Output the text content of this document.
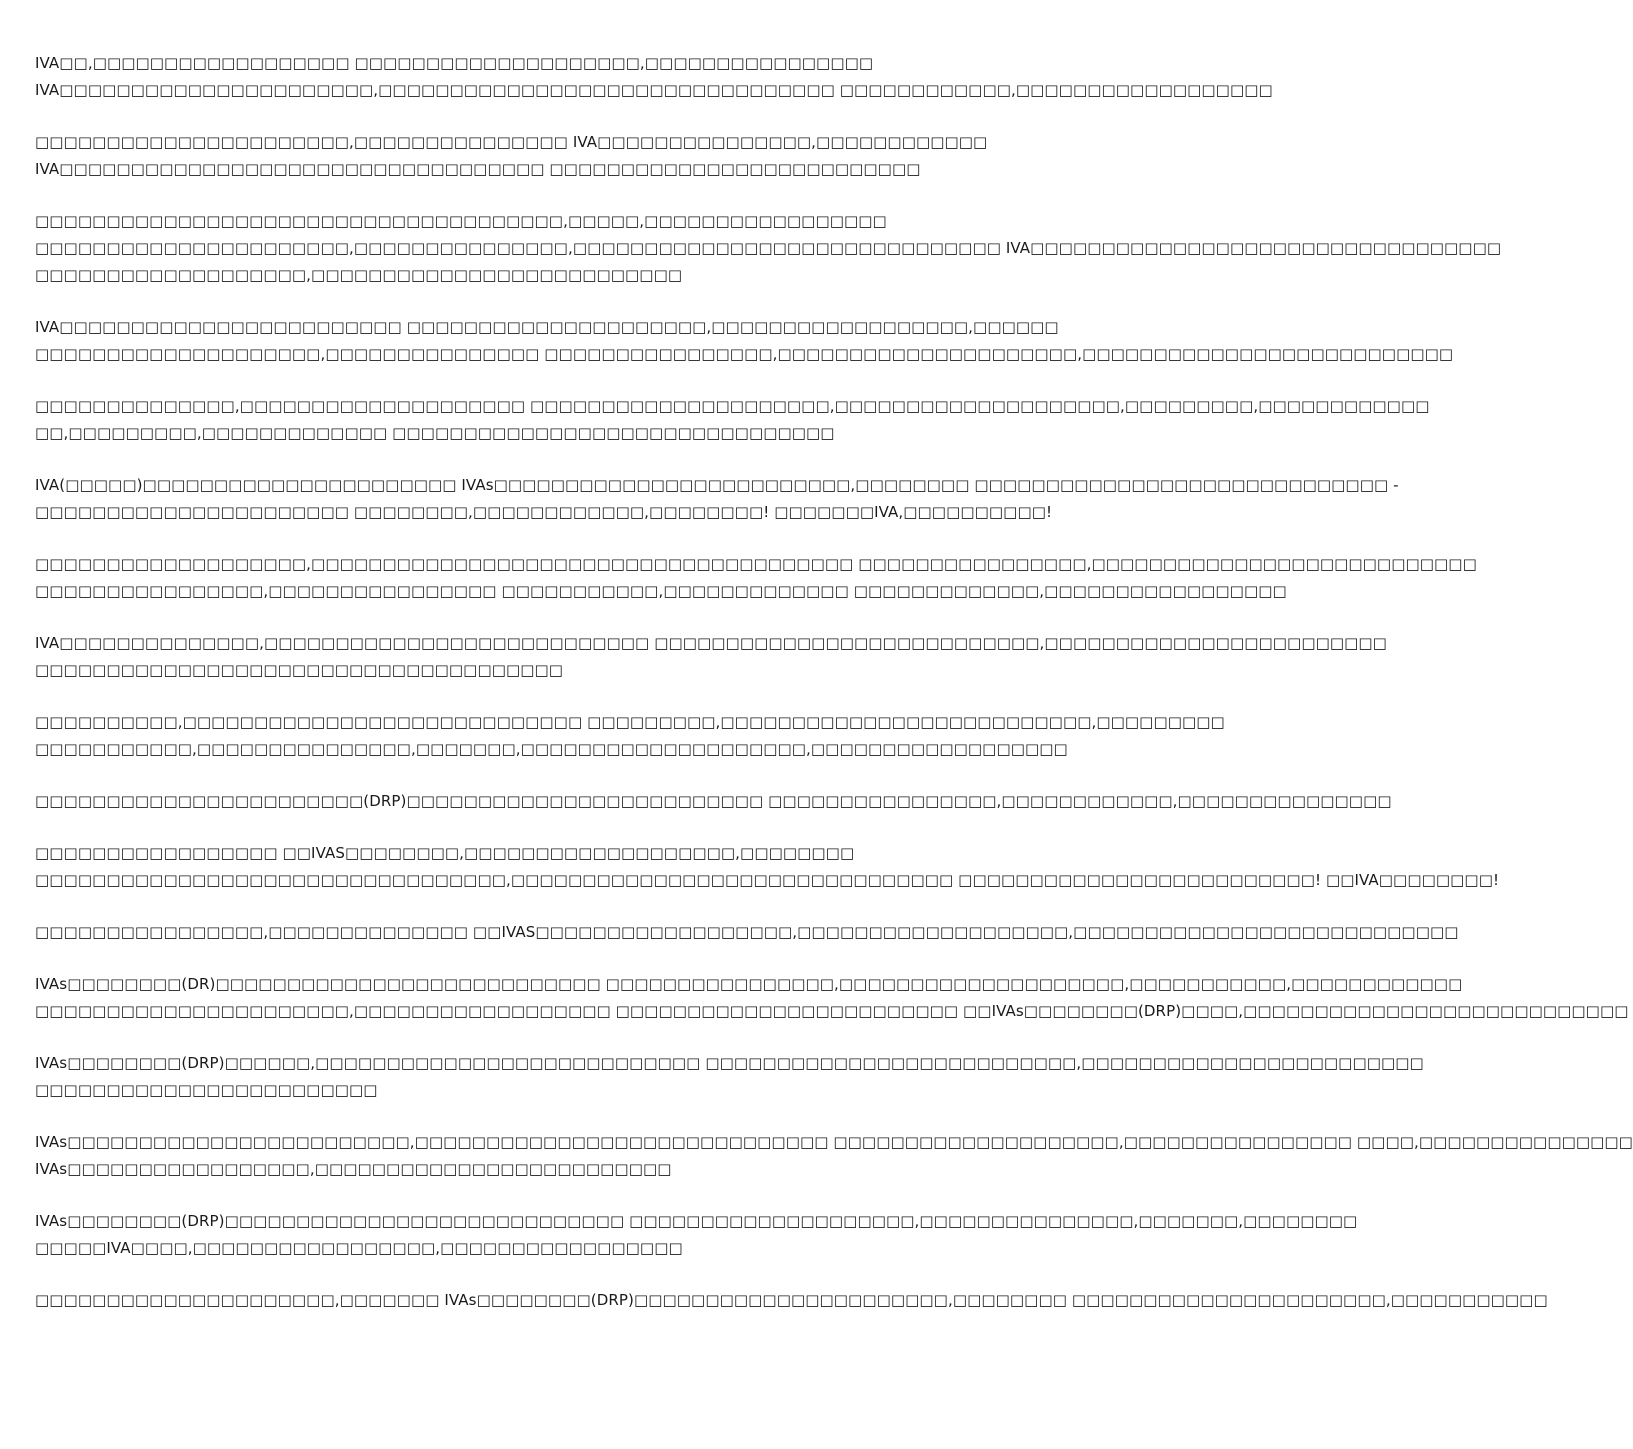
IVA□□,□□□□□□□□□□□□□□□□□□ □□□□□□□□□□□□□□□□□□□□,□□□□□□□□□□□□□□□□
IVA□□□□□□□□□□□□□□□□□□□□□□,□□□□□□□□□□□□□□□□□□□□□□□□□□□□□□□□ □□□□□□□□□□□□,□□□□□□□□□□□□□□□□□□
□□□□□□□□□□□□□□□□□□□□□□,□□□□□□□□□□□□□□□ IVA□□□□□□□□□□□□□□□,□□□□□□□□□□□□
IVA□□□□□□□□□□□□□□□□□□□□□□□□□□□□□□□□□□ □□□□□□□□□□□□□□□□□□□□□□□□□□
□□□□□□□□□□□□□□□□□□□□□□□□□□□□□□□□□□□□□,□□□□□,□□□□□□□□□□□□□□□□□
□□□□□□□□□□□□□□□□□□□□□□,□□□□□□□□□□□□□□□,□□□□□□□□□□□□□□□□□□□□□□□□□□□□□□ IVA□□□□□□□□□□□□□□□□□□□□□□□□□□□□□□□□□
□□□□□□□□□□□□□□□□□□□,□□□□□□□□□□□□□□□□□□□□□□□□□□
IVA□□□□□□□□□□□□□□□□□□□□□□□□ □□□□□□□□□□□□□□□□□□□□□,□□□□□□□□□□□□□□□□□□,□□□□□□
□□□□□□□□□□□□□□□□□□□□,□□□□□□□□□□□□□□□ □□□□□□□□□□□□□□□□,□□□□□□□□□□□□□□□□□□□□□,□□□□□□□□□□□□□□□□□□□□□□□□□□
□□□□□□□□□□□□□□,□□□□□□□□□□□□□□□□□□□□ □□□□□□□□□□□□□□□□□□□□□,□□□□□□□□□□□□□□□□□□□□,□□□□□□□□□,□□□□□□□□□□□□
□□,□□□□□□□□□,□□□□□□□□□□□□□ □□□□□□□□□□□□□□□□□□□□□□□□□□□□□□□
IVA(□□□□□)□□□□□□□□□□□□□□□□□□□□□□ IVAs□□□□□□□□□□□□□□□□□□□□□□□□□,□□□□□□□□ □□□□□□□□□□□□□□□□□□□□□□□□□□□□□ -
□□□□□□□□□□□□□□□□□□□□□□ □□□□□□□□,□□□□□□□□□□□□,□□□□□□□□! □□□□□□□IVA,□□□□□□□□□□!
□□□□□□□□□□□□□□□□□□□,□□□□□□□□□□□□□□□□□□□□□□□□□□□□□□□□□□□□□□ □□□□□□□□□□□□□□□□,□□□□□□□□□□□□□□□□□□□□□□□□□□□
□□□□□□□□□□□□□□□□,□□□□□□□□□□□□□□□□ □□□□□□□□□□□,□□□□□□□□□□□□□ □□□□□□□□□□□□□,□□□□□□□□□□□□□□□□□
IVA□□□□□□□□□□□□□□,□□□□□□□□□□□□□□□□□□□□□□□□□□□ □□□□□□□□□□□□□□□□□□□□□□□□□□□,□□□□□□□□□□□□□□□□□□□□□□□□
□□□□□□□□□□□□□□□□□□□□□□□□□□□□□□□□□□□□□
□□□□□□□□□□,□□□□□□□□□□□□□□□□□□□□□□□□□□□□ □□□□□□□□□,□□□□□□□□□□□□□□□□□□□□□□□□□□,□□□□□□□□□
□□□□□□□□□□□,□□□□□□□□□□□□□□□,□□□□□□□,□□□□□□□□□□□□□□□□□□□□,□□□□□□□□□□□□□□□□□□
□□□□□□□□□□□□□□□□□□□□□□□(DRP)□□□□□□□□□□□□□□□□□□□□□□□□□ □□□□□□□□□□□□□□□□,□□□□□□□□□□□□,□□□□□□□□□□□□□□□
□□□□□□□□□□□□□□□□□ □□IVAS□□□□□□□□,□□□□□□□□□□□□□□□□□□□,□□□□□□□□
□□□□□□□□□□□□□□□□□□□□□□□□□□□□□□□□□,□□□□□□□□□□□□□□□□□□□□□□□□□□□□□□□ □□□□□□□□□□□□□□□□□□□□□□□□□! □□IVA□□□□□□□□!
□□□□□□□□□□□□□□□□,□□□□□□□□□□□□□□ □□IVAS□□□□□□□□□□□□□□□□□□,□□□□□□□□□□□□□□□□□□□,□□□□□□□□□□□□□□□□□□□□□□□□□□□
IVAs□□□□□□□□(DR)□□□□□□□□□□□□□□□□□□□□□□□□□□□ □□□□□□□□□□□□□□□□,□□□□□□□□□□□□□□□□□□□□,□□□□□□□□□□□,□□□□□□□□□□□□
□□□□□□□□□□□□□□□□□□□□□□,□□□□□□□□□□□□□□□□□□ □□□□□□□□□□□□□□□□□□□□□□□□ □□IVAs□□□□□□□□(DRP)□□□□,□□□□□□□□□□□□□□□□□□□□□□□□□□□
IVAs□□□□□□□□(DRP)□□□□□□,□□□□□□□□□□□□□□□□□□□□□□□□□□□ □□□□□□□□□□□□□□□□□□□□□□□□□□,□□□□□□□□□□□□□□□□□□□□□□□□
□□□□□□□□□□□□□□□□□□□□□□□□
IVAs□□□□□□□□□□□□□□□□□□□□□□□□,□□□□□□□□□□□□□□□□□□□□□□□□□□□□□ □□□□□□□□□□□□□□□□□□□□,□□□□□□□□□□□□□□□□ □□□□,□□□□□□□□□□□□□□□
IVAs□□□□□□□□□□□□□□□□□,□□□□□□□□□□□□□□□□□□□□□□□□□
IVAs□□□□□□□□(DRP)□□□□□□□□□□□□□□□□□□□□□□□□□□□□ □□□□□□□□□□□□□□□□□□□□,□□□□□□□□□□□□□□□,□□□□□□□,□□□□□□□□
□□□□□IVA□□□□,□□□□□□□□□□□□□□□□□,□□□□□□□□□□□□□□□□□
□□□□□□□□□□□□□□□□□□□□□,□□□□□□□ IVAs□□□□□□□□(DRP)□□□□□□□□□□□□□□□□□□□□□□,□□□□□□□□ □□□□□□□□□□□□□□□□□□□□□□,□□□□□□□□□□□
